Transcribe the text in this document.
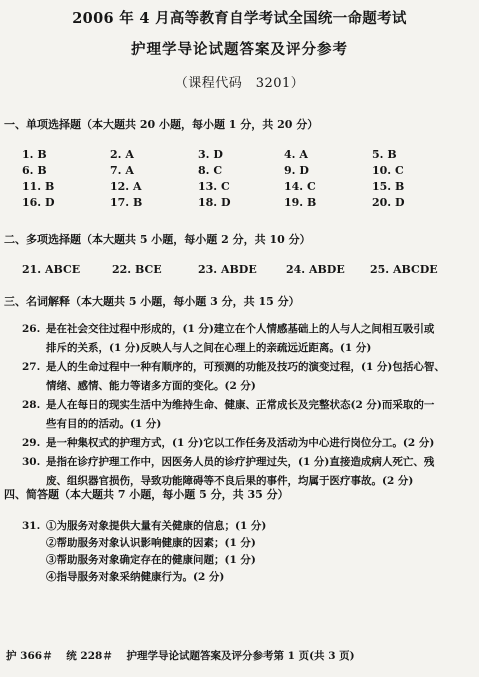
2006 年 4 月高等教育自学考试全国统一命题考试
护理学导论试题答案及评分参考
（课程代码　3201）
一、单项选择题（本大题共 20 小题，每小题 1 分，共 20 分）
1. B	2. A	3. D	4. A	5. B
6. B	7. A	8. C	9. D	10. C
11. B	12. A	13. C	14. C	15. B
16. D	17. B	18. D	19. B	20. D
二、多项选择题（本大题共 5 小题，每小题 2 分，共 10 分）
21. ABCE	22. BCE	23. ABDE	24. ABDE 25. ABCDE
三、名词解释（本大题共 5 小题，每小题 3 分，共 15 分）
26. 是在社会交往过程中形成的，(1 分)建立在个人情感基础上的人与人之间相互吸引或
排斥的关系，(1 分)反映人与人之间在心理上的亲疏远近距离。(1 分)
27. 是人的生命过程中一种有顺序的，可预测的功能及技巧的演变过程，(1 分)包括心智、
情绪、感情、能力等诸多方面的变化。(2 分)
28. 是人在每日的现实生活中为维持生命、健康、正常成长及完整状态(2 分)而采取的一
些有目的的活动。(1 分)
29. 是一种集权式的护理方式，(1 分)它以工作任务及活动为中心进行岗位分工。(2 分)
30. 是指在诊疗护理工作中，因医务人员的诊疗护理过失，(1 分)直接造成病人死亡、残
废、组织器官损伤，导致功能障碍等不良后果的事件，均属于医疗事故。(2 分)
四、简答题（本大题共 7 小题，每小题 5 分，共 35 分）
31. ①为服务对象提供大量有关健康的信息；(1 分)
②帮助服务对象认识影响健康的因素；(1 分)
③帮助服务对象确定存在的健康问题；(1 分)
④指导服务对象采纳健康行为。(2 分)
护 366＃ 统 228＃ 护理学导论试题答案及评分参考第 1 页(共 3 页)
